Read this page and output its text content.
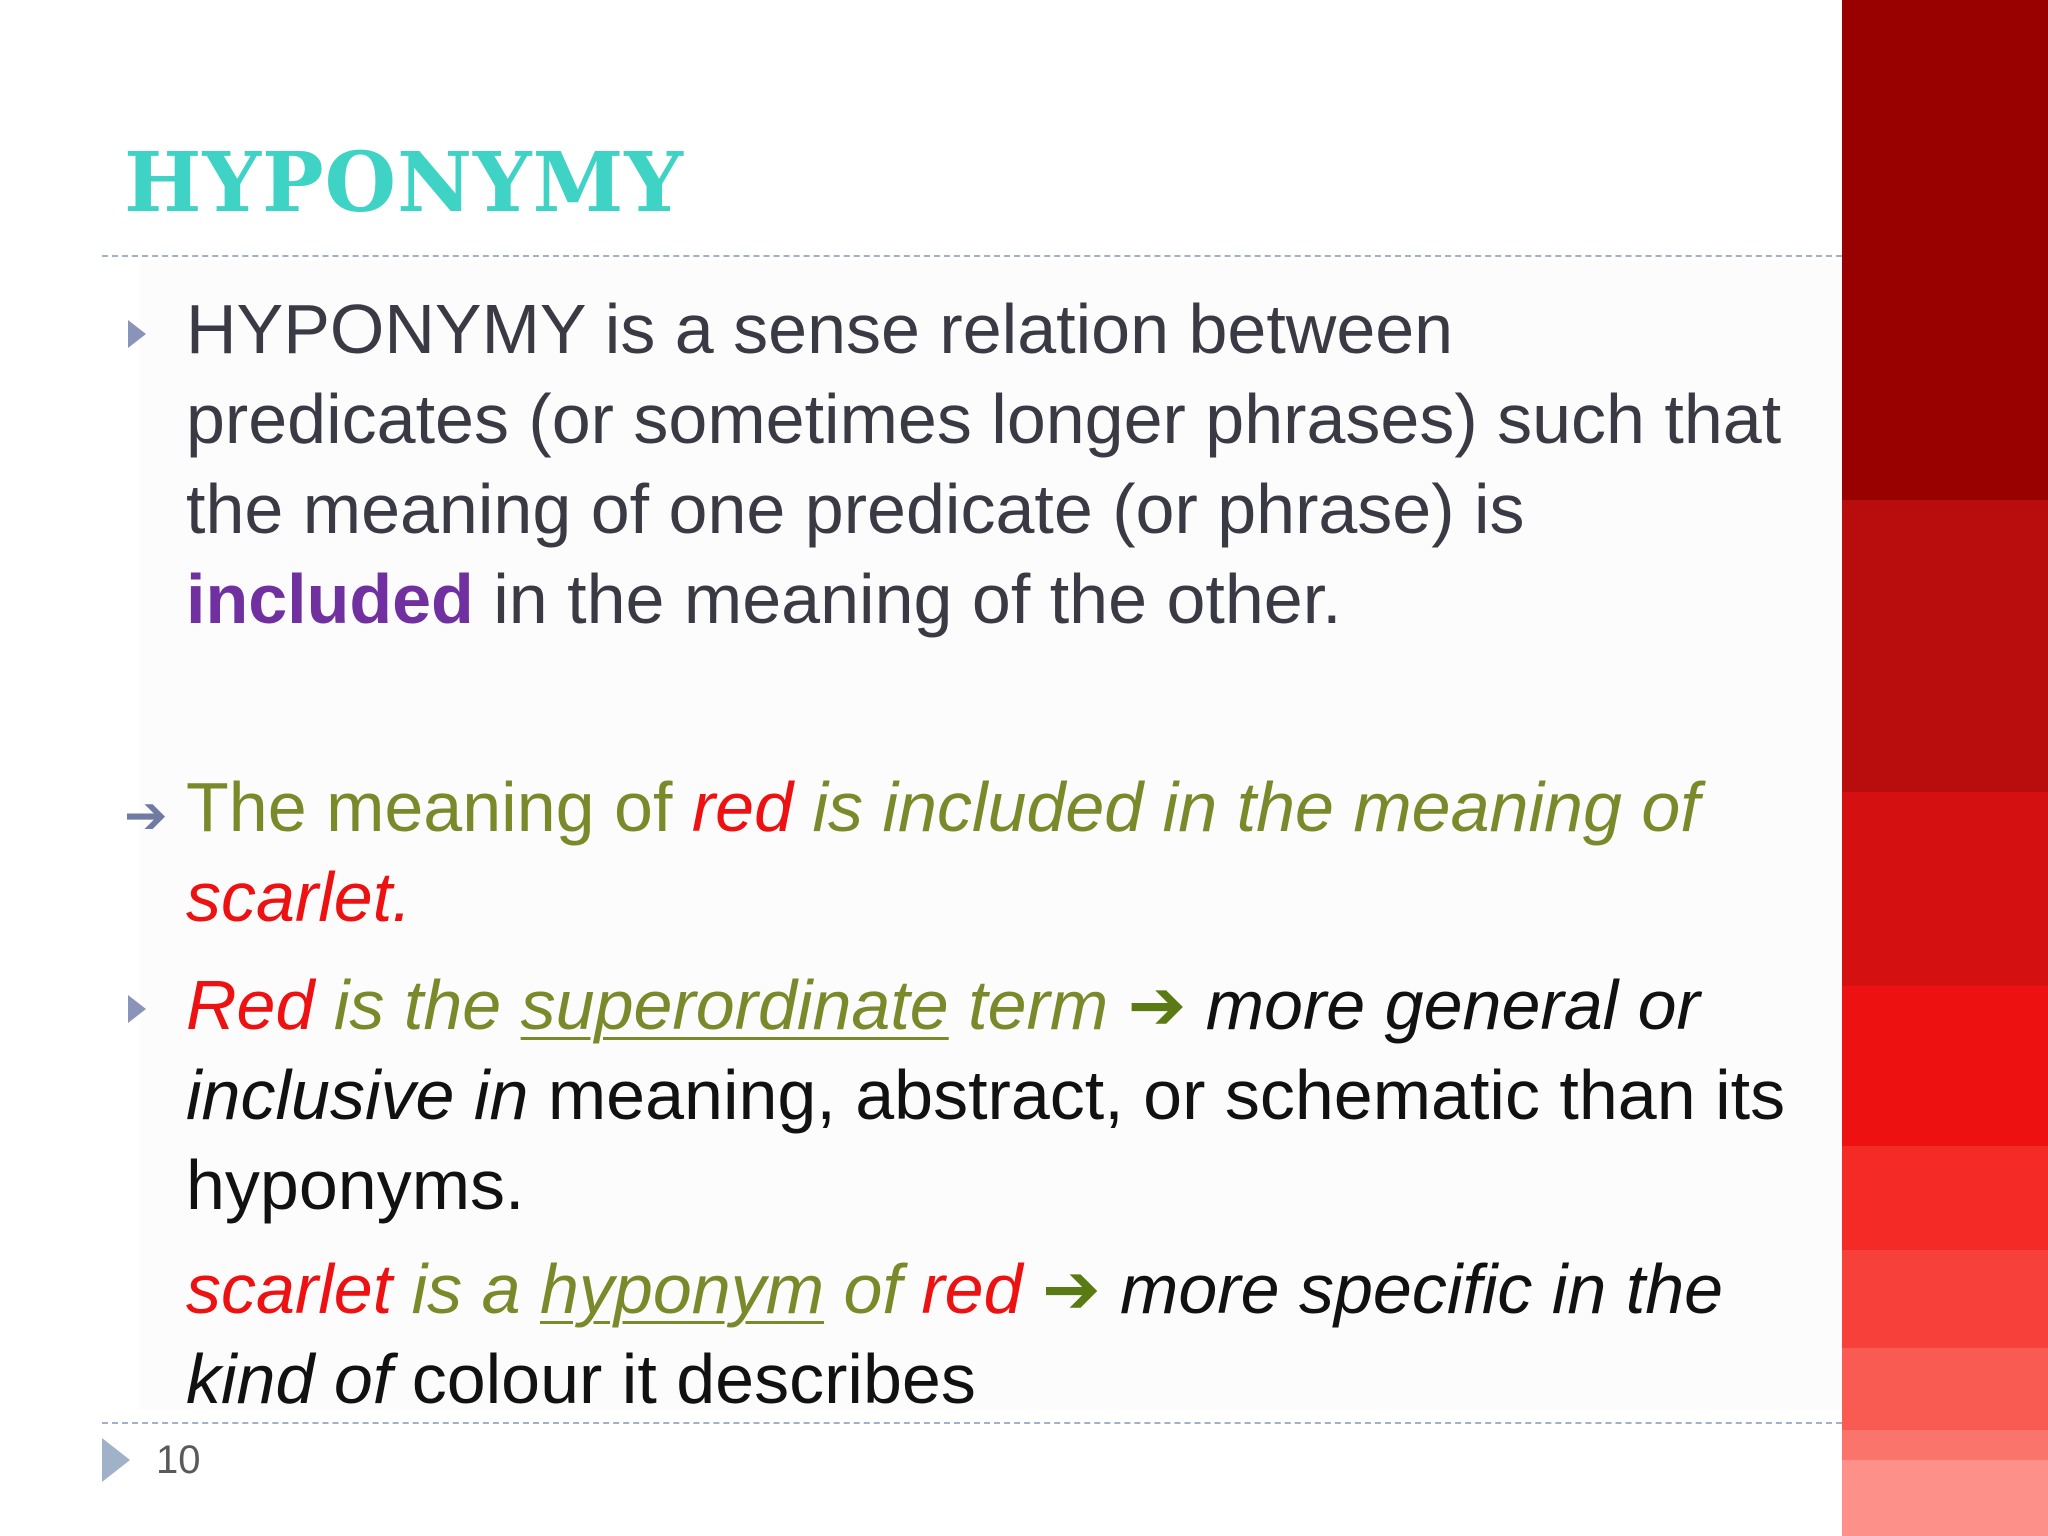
HYPONYMY

HYPONYMY is a sense relation between predicates (or sometimes longer phrases) such that the meaning of one predicate (or phrase) is included in the meaning of the other.

➔ The meaning of red is included in the meaning of scarlet.

Red is the superordinate term ➔ more general or inclusive in meaning, abstract, or schematic than its hyponyms.

scarlet is a hyponym of red ➔ more specific in the kind of colour it describes

10
